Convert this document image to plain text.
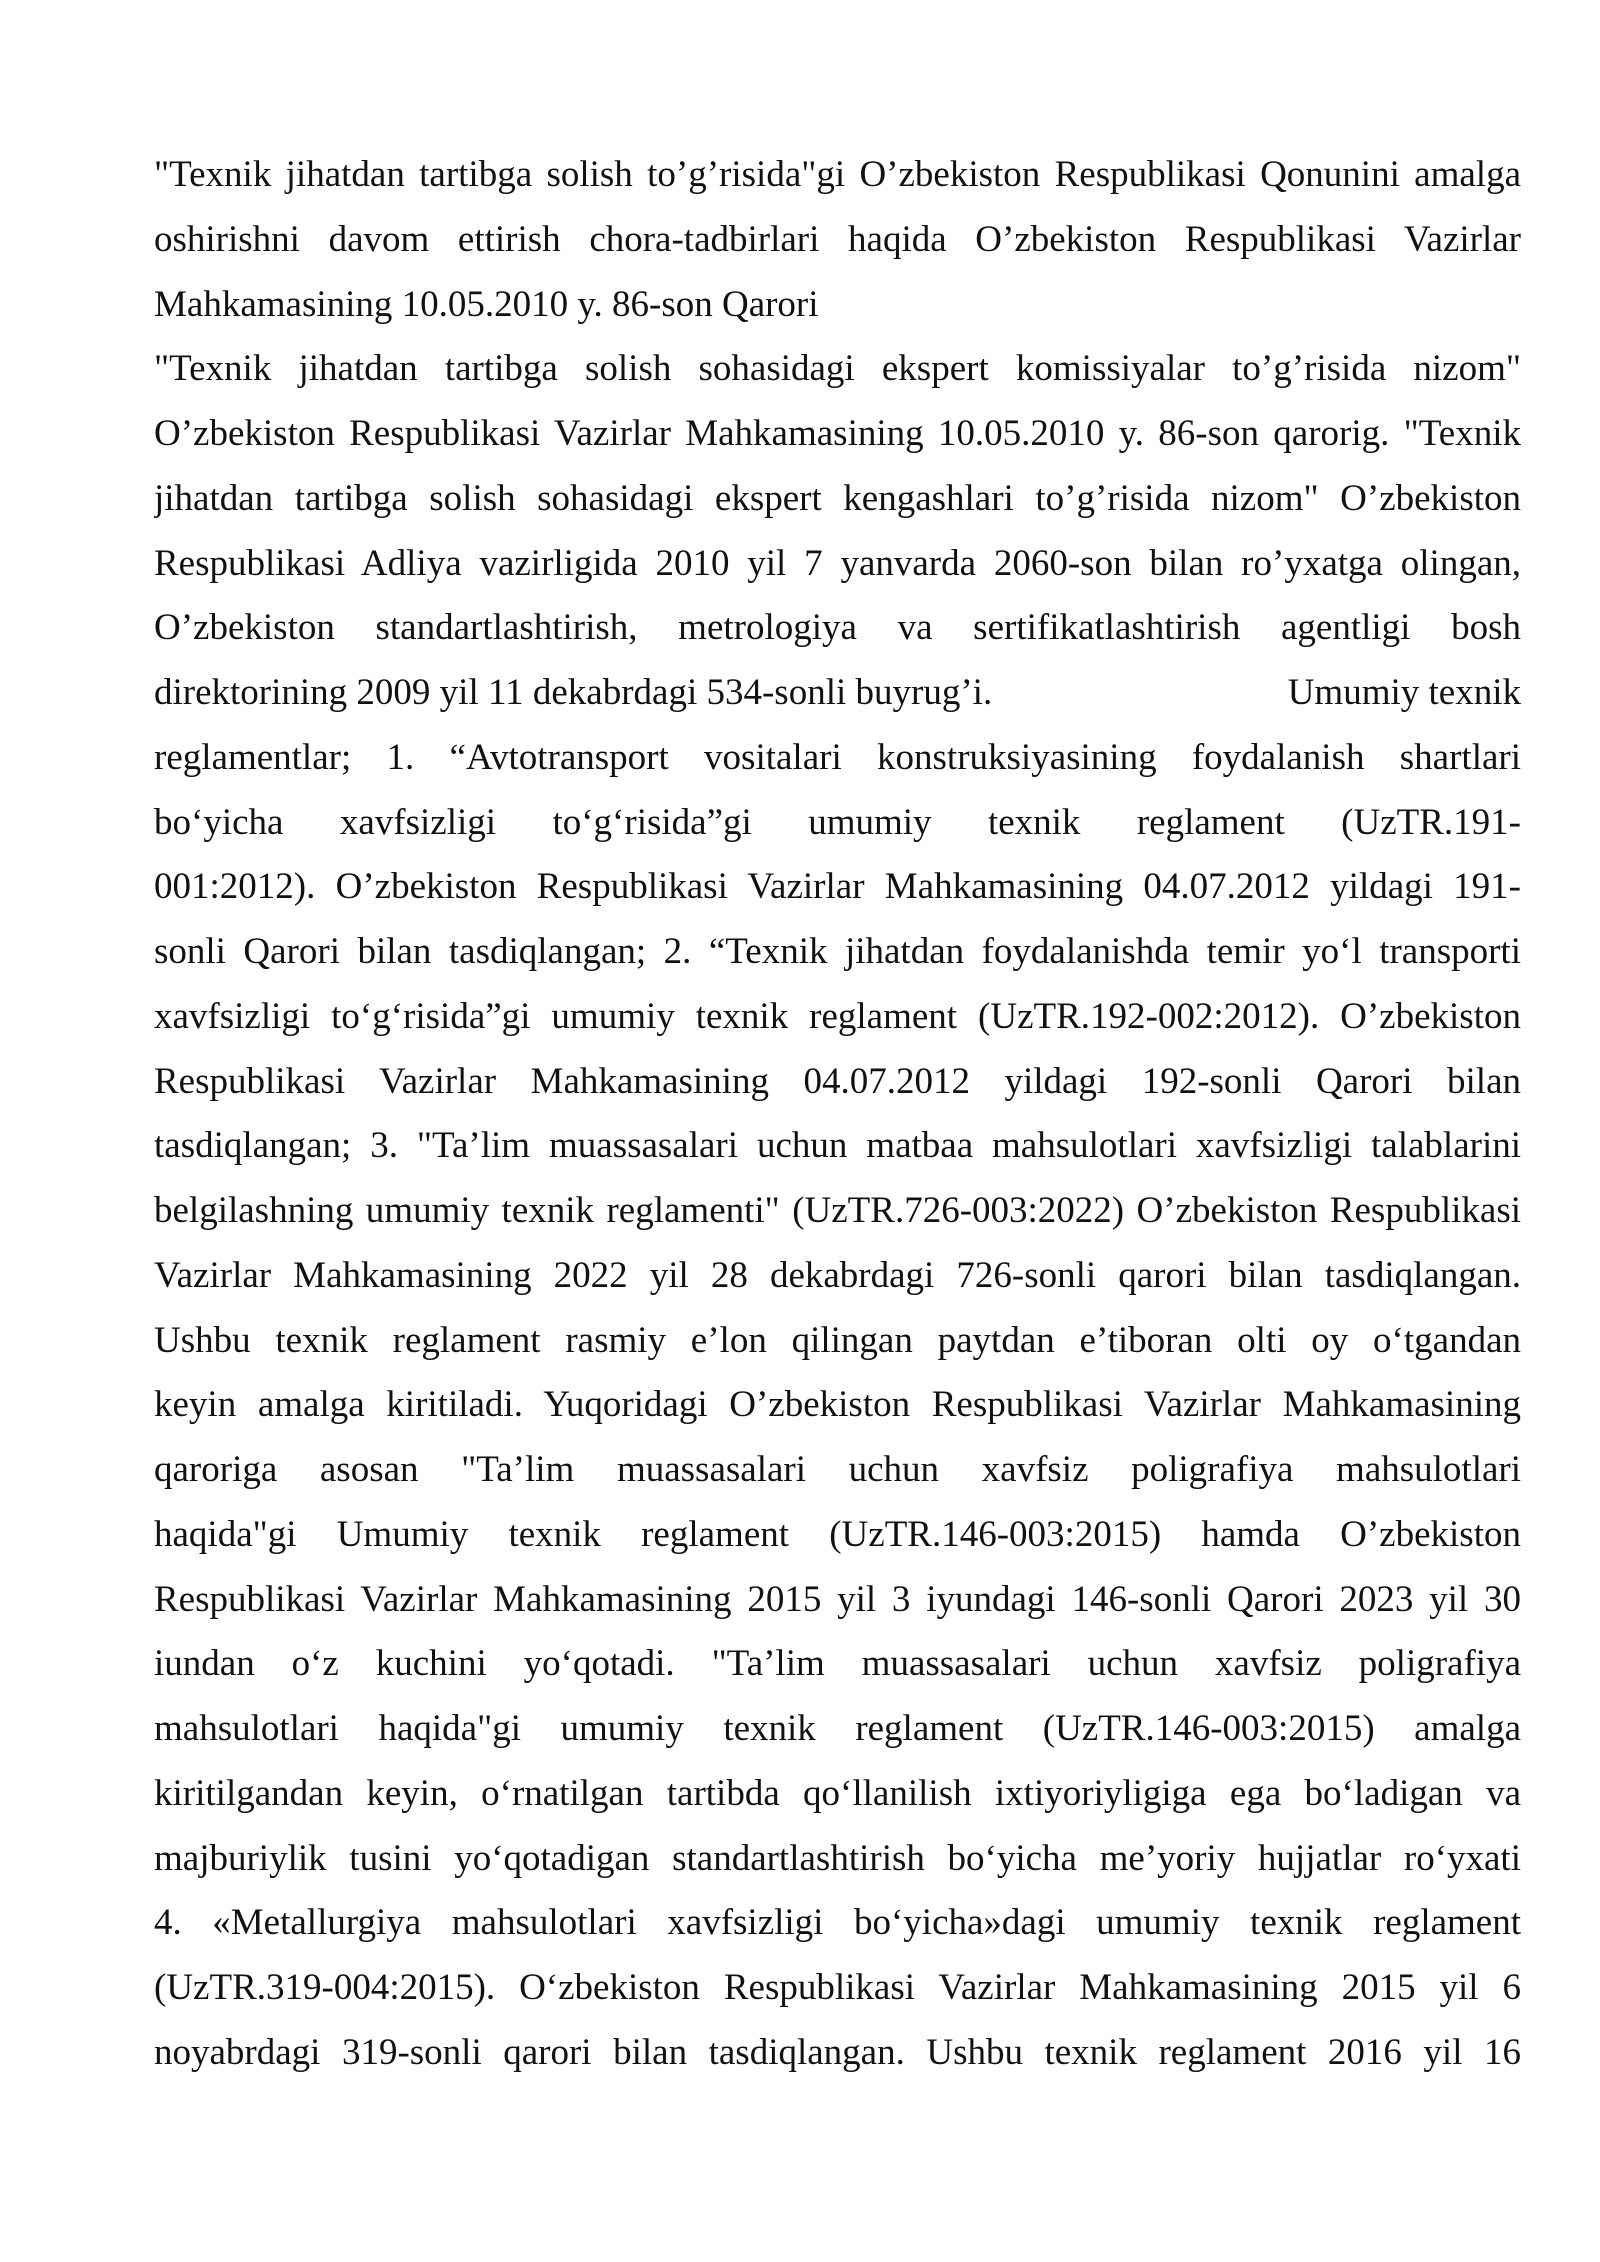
"Texnik jihatdan tartibga solish to’g’risida"gi O’zbekiston Respublikasi Qonunini amalga
oshirishni davom ettirish chora-tadbirlari haqida O’zbekiston Respublikasi Vazirlar
Mahkamasining 10.05.2010 y. 86-son Qarori
"Texnik jihatdan tartibga solish sohasidagi ekspert komissiyalar to’g’risida nizom"
O’zbekiston Respublikasi Vazirlar Mahkamasining 10.05.2010 y. 86-son qarorig. "Texnik
jihatdan tartibga solish sohasidagi ekspert kengashlari to’g’risida nizom" O’zbekiston
Respublikasi Adliya vazirligida 2010 yil 7 yanvarda 2060-son bilan ro’yxatga olingan,
O’zbekiston standartlashtirish, metrologiya va sertifikatlashtirish agentligi bosh
direktorining 2009 yil 11 dekabrdagi 534-sonli buyrug’i.	Umumiy texnik
reglamentlar; 1. “Avtotransport vositalari konstruksiyasining foydalanish shartlari
bo‘yicha xavfsizligi to‘g‘risida”gi umumiy texnik reglament (UzTR.191-
001:2012). O’zbekiston Respublikasi Vazirlar Mahkamasining 04.07.2012 yildagi 191-
sonli Qarori bilan tasdiqlangan; 2. “Texnik jihatdan foydalanishda temir yo‘l transporti
xavfsizligi to‘g‘risida”gi umumiy texnik reglament (UzTR.192-002:2012). O’zbekiston
Respublikasi Vazirlar Mahkamasining 04.07.2012 yildagi 192-sonli Qarori bilan
tasdiqlangan; 3. "Ta’lim muassasalari uchun matbaa mahsulotlari xavfsizligi talablarini
belgilashning umumiy texnik reglamenti" (UzTR.726-003:2022) O’zbekiston Respublikasi
Vazirlar Mahkamasining 2022 yil 28 dekabrdagi 726-sonli qarori bilan tasdiqlangan.
Ushbu texnik reglament rasmiy e’lon qilingan paytdan e’tiboran olti oy o‘tgandan
keyin amalga kiritiladi. Yuqoridagi O’zbekiston Respublikasi Vazirlar Mahkamasining
qaroriga asosan "Ta’lim muassasalari uchun xavfsiz poligrafiya mahsulotlari
haqida"gi Umumiy texnik reglament (UzTR.146-003:2015) hamda O’zbekiston
Respublikasi Vazirlar Mahkamasining 2015 yil 3 iyundagi 146-sonli Qarori 2023 yil 30
iundan o‘z kuchini yo‘qotadi. "Ta’lim muassasalari uchun xavfsiz poligrafiya
mahsulotlari haqida"gi umumiy texnik reglament (UzTR.146-003:2015) amalga
kiritilgandan keyin, o‘rnatilgan tartibda qo‘llanilish ixtiyoriyligiga ega bo‘ladigan va
majburiylik tusini yo‘qotadigan standartlashtirish bo‘yicha me’yoriy hujjatlar ro‘yxati
4. «Metallurgiya mahsulotlari xavfsizligi bo‘yicha»dagi umumiy texnik reglament
(UzTR.319-004:2015). O‘zbekiston Respublikasi Vazirlar Mahkamasining 2015 yil 6
noyabrdagi 319-sonli qarori bilan tasdiqlangan. Ushbu texnik reglament 2016 yil 16
